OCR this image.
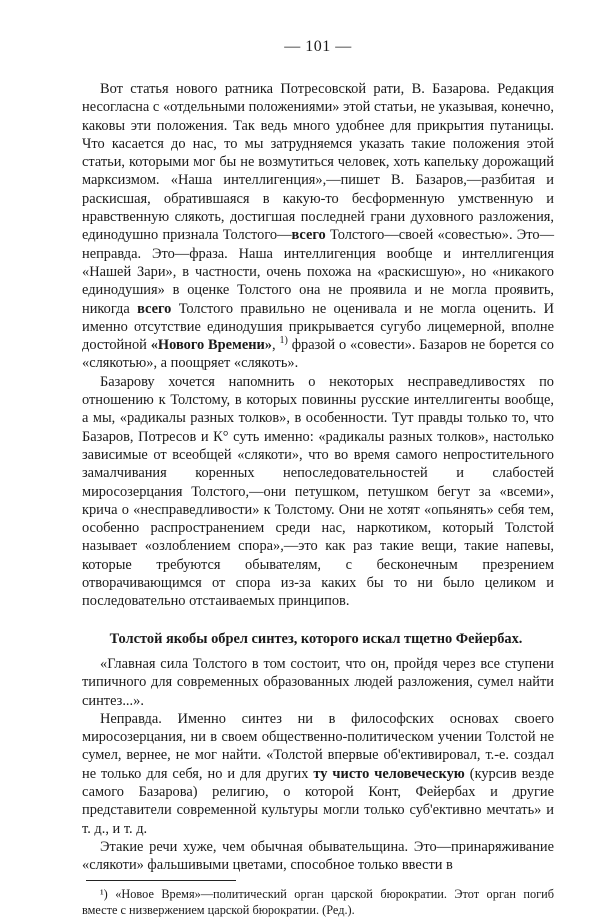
— 101 —

Вот статья нового ратника Потресовской рати, В. Базарова. Редакция несогласна с «отдельными положениями» этой статьи, не указывая, конечно, каковы эти положения. Так ведь много удобнее для прикрытия путаницы. Что касается до нас, то мы затрудняемся указать такие положения этой статьи, которыми мог бы не возмутиться человек, хоть капельку дорожащий марксизмом. «Наша интеллигенция»,—пишет В. Базаров,—разбитая и раскисшая, обратившаяся в какую-то бесформенную умственную и нравственную слякоть, достигшая последней грани духовного разложения, единодушно признала Толстого—всего Толстого—своей «совестью». Это—неправда. Это—фраза. Наша интеллигенция вообще и интеллигенция «Нашей Зари», в частности, очень похожа на «раскисшую», но «никакого единодушия» в оценке Толстого она не проявила и не могла проявить, никогда всего Толстого правильно не оценивала и не могла оценить. И именно отсутствие единодушия прикрывается сугубо лицемерной, вполне достойной «Нового Времени», $^{1)}$ фразой о «совести». Базаров не борется со «слякотью», а поощряет «слякоть».

Базарову хочется напомнить о некоторых несправедливостях по отношению к Толстому, в которых повинны русские интеллигенты вообще, а мы, «радикалы разных толков», в особенности. Тут правды только то, что Базаров, Потресов и К° суть именно: «радикалы разных толков», настолько зависимые от всеобщей «слякоти», что во время самого непростительного замалчивания коренных непоследовательностей и слабостей миросозерцания Толстого,—они петушком, петушком бегут за «всеми», крича о «несправедливости» к Толстому. Они не хотят «опьянять» себя тем, особенно распространением среди нас, наркотиком, который Толстой называет «озлоблением спора»,—это как раз такие вещи, такие напевы, которые требуются обывателям, с бесконечным презрением отворачивающимся от спора из-за каких бы то ни было целиком и последовательно отстаиваемых принципов.

Толстой якобы обрел синтез, которого искал тщетно Фейербах.

«Главная сила Толстого в том состоит, что он, пройдя через все ступени типичного для современных образованных людей разложения, сумел найти синтез...».

Неправда. Именно синтез ни в философских основах своего миросозерцания, ни в своем общественно-политическом учении Толстой не сумел, вернее, не мог найти. «Толстой впервые об'ективировал, т.-е. создал не только для себя, но и для других ту чисто человеческую (курсив везде самого Базарова) религию, о которой Конт, Фейербах и другие представители современной культуры могли только суб'ективно мечтать» и т. д., и т. д.

Этакие речи хуже, чем обычная обывательщина. Это—принаряживание «слякоти» фальшивыми цветами, способное только ввести в

¹) «Новое Время»—политический орган царской бюрократии. Этот орган погиб вместе с низвержением царской бюрократии. (Ред.).
